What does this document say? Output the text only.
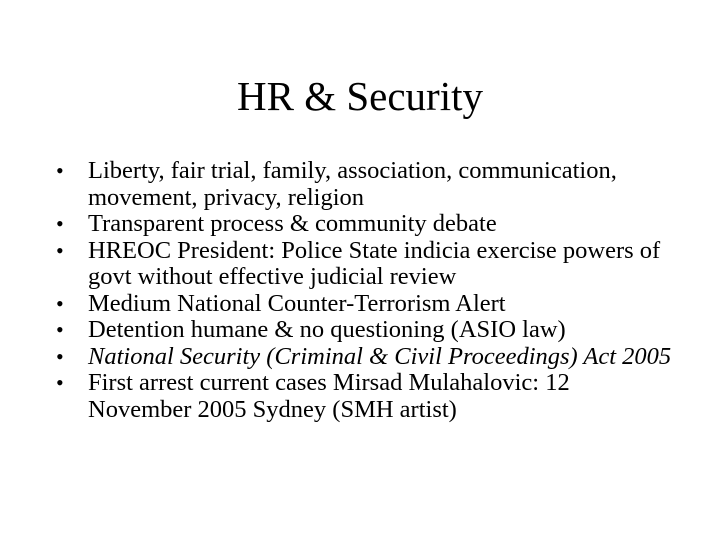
HR & Security
• Liberty, fair trial, family, association, communication, movement, privacy, religion
• Transparent process & community debate
• HREOC President: Police State indicia exercise powers of govt without effective judicial review
• Medium National Counter-Terrorism Alert
• Detention humane & no questioning (ASIO law)
• National Security (Criminal & Civil Proceedings) Act 2005
• First arrest current cases Mirsad Mulahalovic: 12 November 2005 Sydney (SMH artist)
